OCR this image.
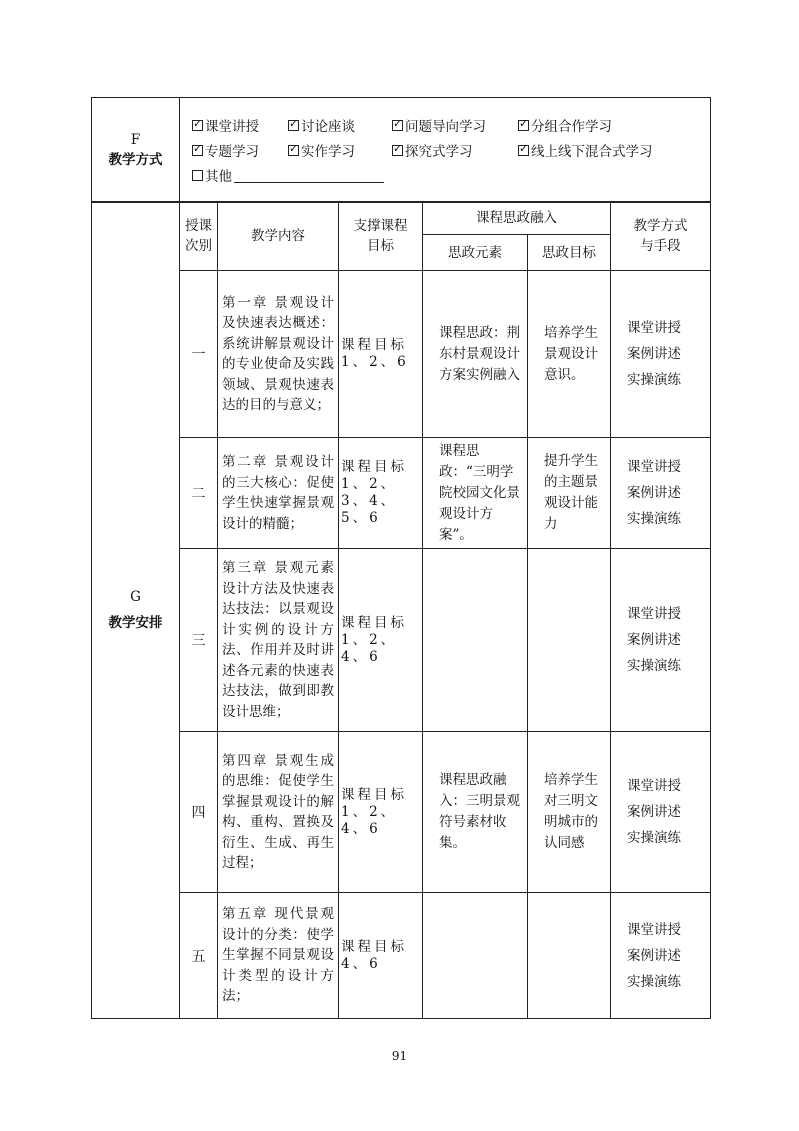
F
教学方式

✓
课堂讲授 ✓	讨论座谈 ✓	问题导向学习 ✓	分组合作学习
✓
专题学习 ✓	实作学习 ✓	探究式学习 ✓	线上线下混合式学习
其他
G
教学安排	授课次别	教学内容	支撑课程目标	课程思政融入		教学方式与手段

				思政元素	思政目标	
	一	第一章 景观设计及快速表达概述：系统讲解景观设计的专业使命及实践领域、景观快速表达的目的与意义；	课程目标1、2、6	课程思政：荆东村景观设计方案实例融入	培养学生景观设计意识。	课堂讲授
案例讲述
实操演练

	二	第二章 景观设计的三大核心：促使学生快速掌握景观设计的精髓；	课程目标1、2、3、4、5、6	课程思政：“三明学院校园文化景观设计方案”。	提升学生的主题景观设计能力	课堂讲授
案例讲述
实操演练

	三	第三章 景观元素设计方法及快速表达技法：以景观设计实例的设计方法、作用并及时讲述各元素的快速表达技法，做到即教设计思维；	课程目标1、2、4、6			课堂讲授
案例讲述
实操演练

	四	第四章 景观生成的思维：促使学生掌握景观设计的解构、重构、置换及衍生、生成、再生过程；	课程目标1、2、4、6	课程思政融入：三明景观符号素材收集。	培养学生对三明文明城市的认同感	课堂讲授
案例讲述
实操演练

	五	第五章 现代景观设计的分类：使学生掌握不同景观设计类型的设计方法；	课程目标4、6			课堂讲授
案例讲述
实操演练
91
